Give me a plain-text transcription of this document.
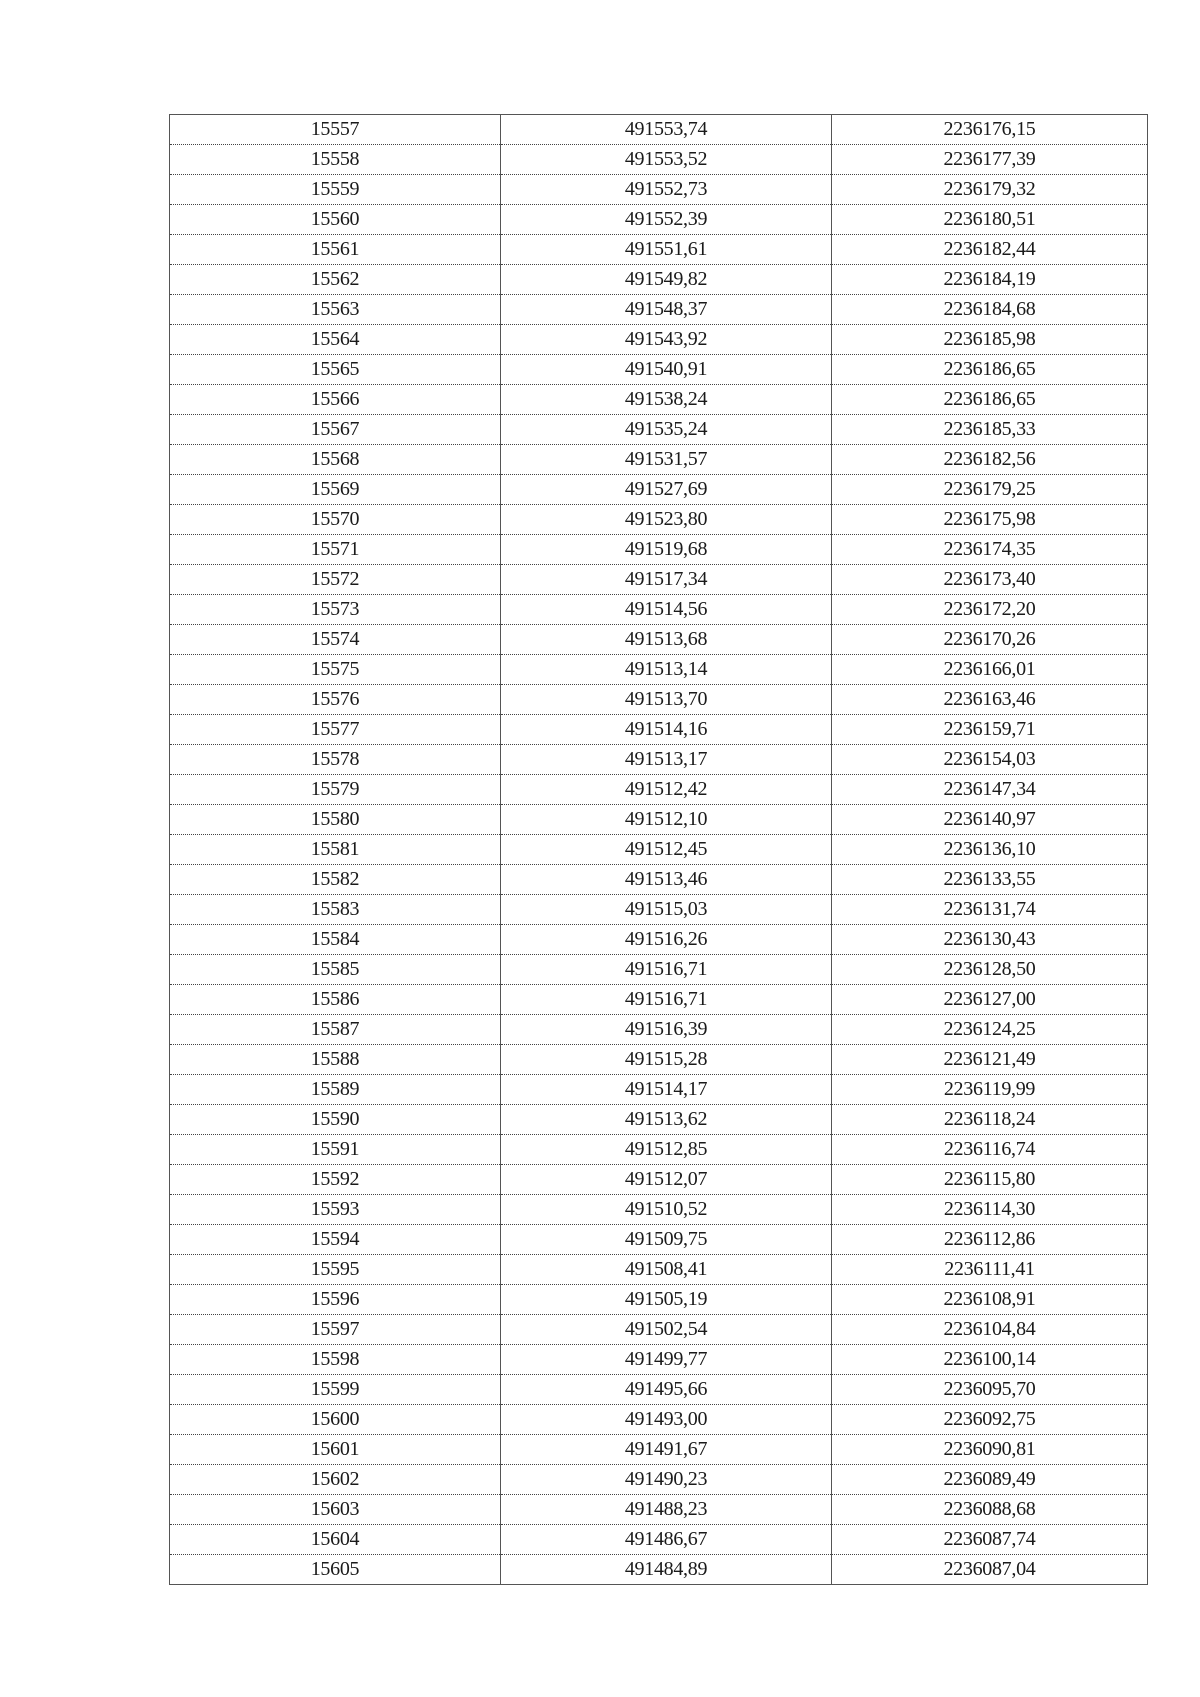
15557	491553,74	2236176,15
15558	491553,52	2236177,39
15559	491552,73	2236179,32
15560	491552,39	2236180,51
15561	491551,61	2236182,44
15562	491549,82	2236184,19
15563	491548,37	2236184,68
15564	491543,92	2236185,98
15565	491540,91	2236186,65
15566	491538,24	2236186,65
15567	491535,24	2236185,33
15568	491531,57	2236182,56
15569	491527,69	2236179,25
15570	491523,80	2236175,98
15571	491519,68	2236174,35
15572	491517,34	2236173,40
15573	491514,56	2236172,20
15574	491513,68	2236170,26
15575	491513,14	2236166,01
15576	491513,70	2236163,46
15577	491514,16	2236159,71
15578	491513,17	2236154,03
15579	491512,42	2236147,34
15580	491512,10	2236140,97
15581	491512,45	2236136,10
15582	491513,46	2236133,55
15583	491515,03	2236131,74
15584	491516,26	2236130,43
15585	491516,71	2236128,50
15586	491516,71	2236127,00
15587	491516,39	2236124,25
15588	491515,28	2236121,49
15589	491514,17	2236119,99
15590	491513,62	2236118,24
15591	491512,85	2236116,74
15592	491512,07	2236115,80
15593	491510,52	2236114,30
15594	491509,75	2236112,86
15595	491508,41	2236111,41
15596	491505,19	2236108,91
15597	491502,54	2236104,84
15598	491499,77	2236100,14
15599	491495,66	2236095,70
15600	491493,00	2236092,75
15601	491491,67	2236090,81
15602	491490,23	2236089,49
15603	491488,23	2236088,68
15604	491486,67	2236087,74
15605	491484,89	2236087,04
